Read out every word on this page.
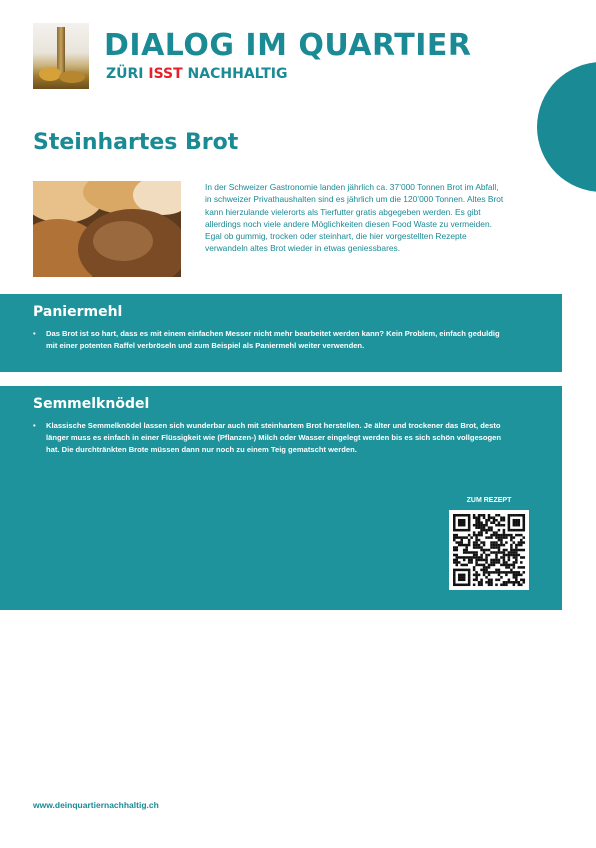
DIALOG IM QUARTIER

ZÜRI ISST NACHHALTIG

Steinhartes Brot

In der Schweizer Gastronomie landen jährlich ca. 37’000 Tonnen Brot im Abfall, in schweizer Privathaushalten sind es jährlich um die 120’000 Tonnen. Altes Brot kann hierzulande vielerorts als Tierfutter gratis abgegeben werden. Es gibt allerdings noch viele andere Möglichkeiten diesen Food Waste zu vermeiden.

Egal ob gummig, trocken oder steinhart, die hier vorgestellten Rezepte verwandeln altes Brot wieder in etwas geniessbares.

Paniermehl
• Das Brot ist so hart, dass es mit einem einfachen Messer nicht mehr bearbeitet werden kann? Kein Problem, einfach geduldig mit einer potenten Raffel verbröseln und zum Beispiel als Paniermehl weiter verwenden.
Semmelknödel
• Klassische Semmelknödel lassen sich wunderbar auch mit steinhartem Brot herstellen. Je älter und trockener das Brot, desto länger muss es einfach in einer Flüssigkeit wie (Pflanzen-) Milch oder Wasser eingelegt werden bis es sich schön vollgesogen hat. Die durchtränkten Brote müssen dann nur noch zu einem Teig gematscht werden.
ZUM REZEPT

www.deinquartiernachhaltig.ch
